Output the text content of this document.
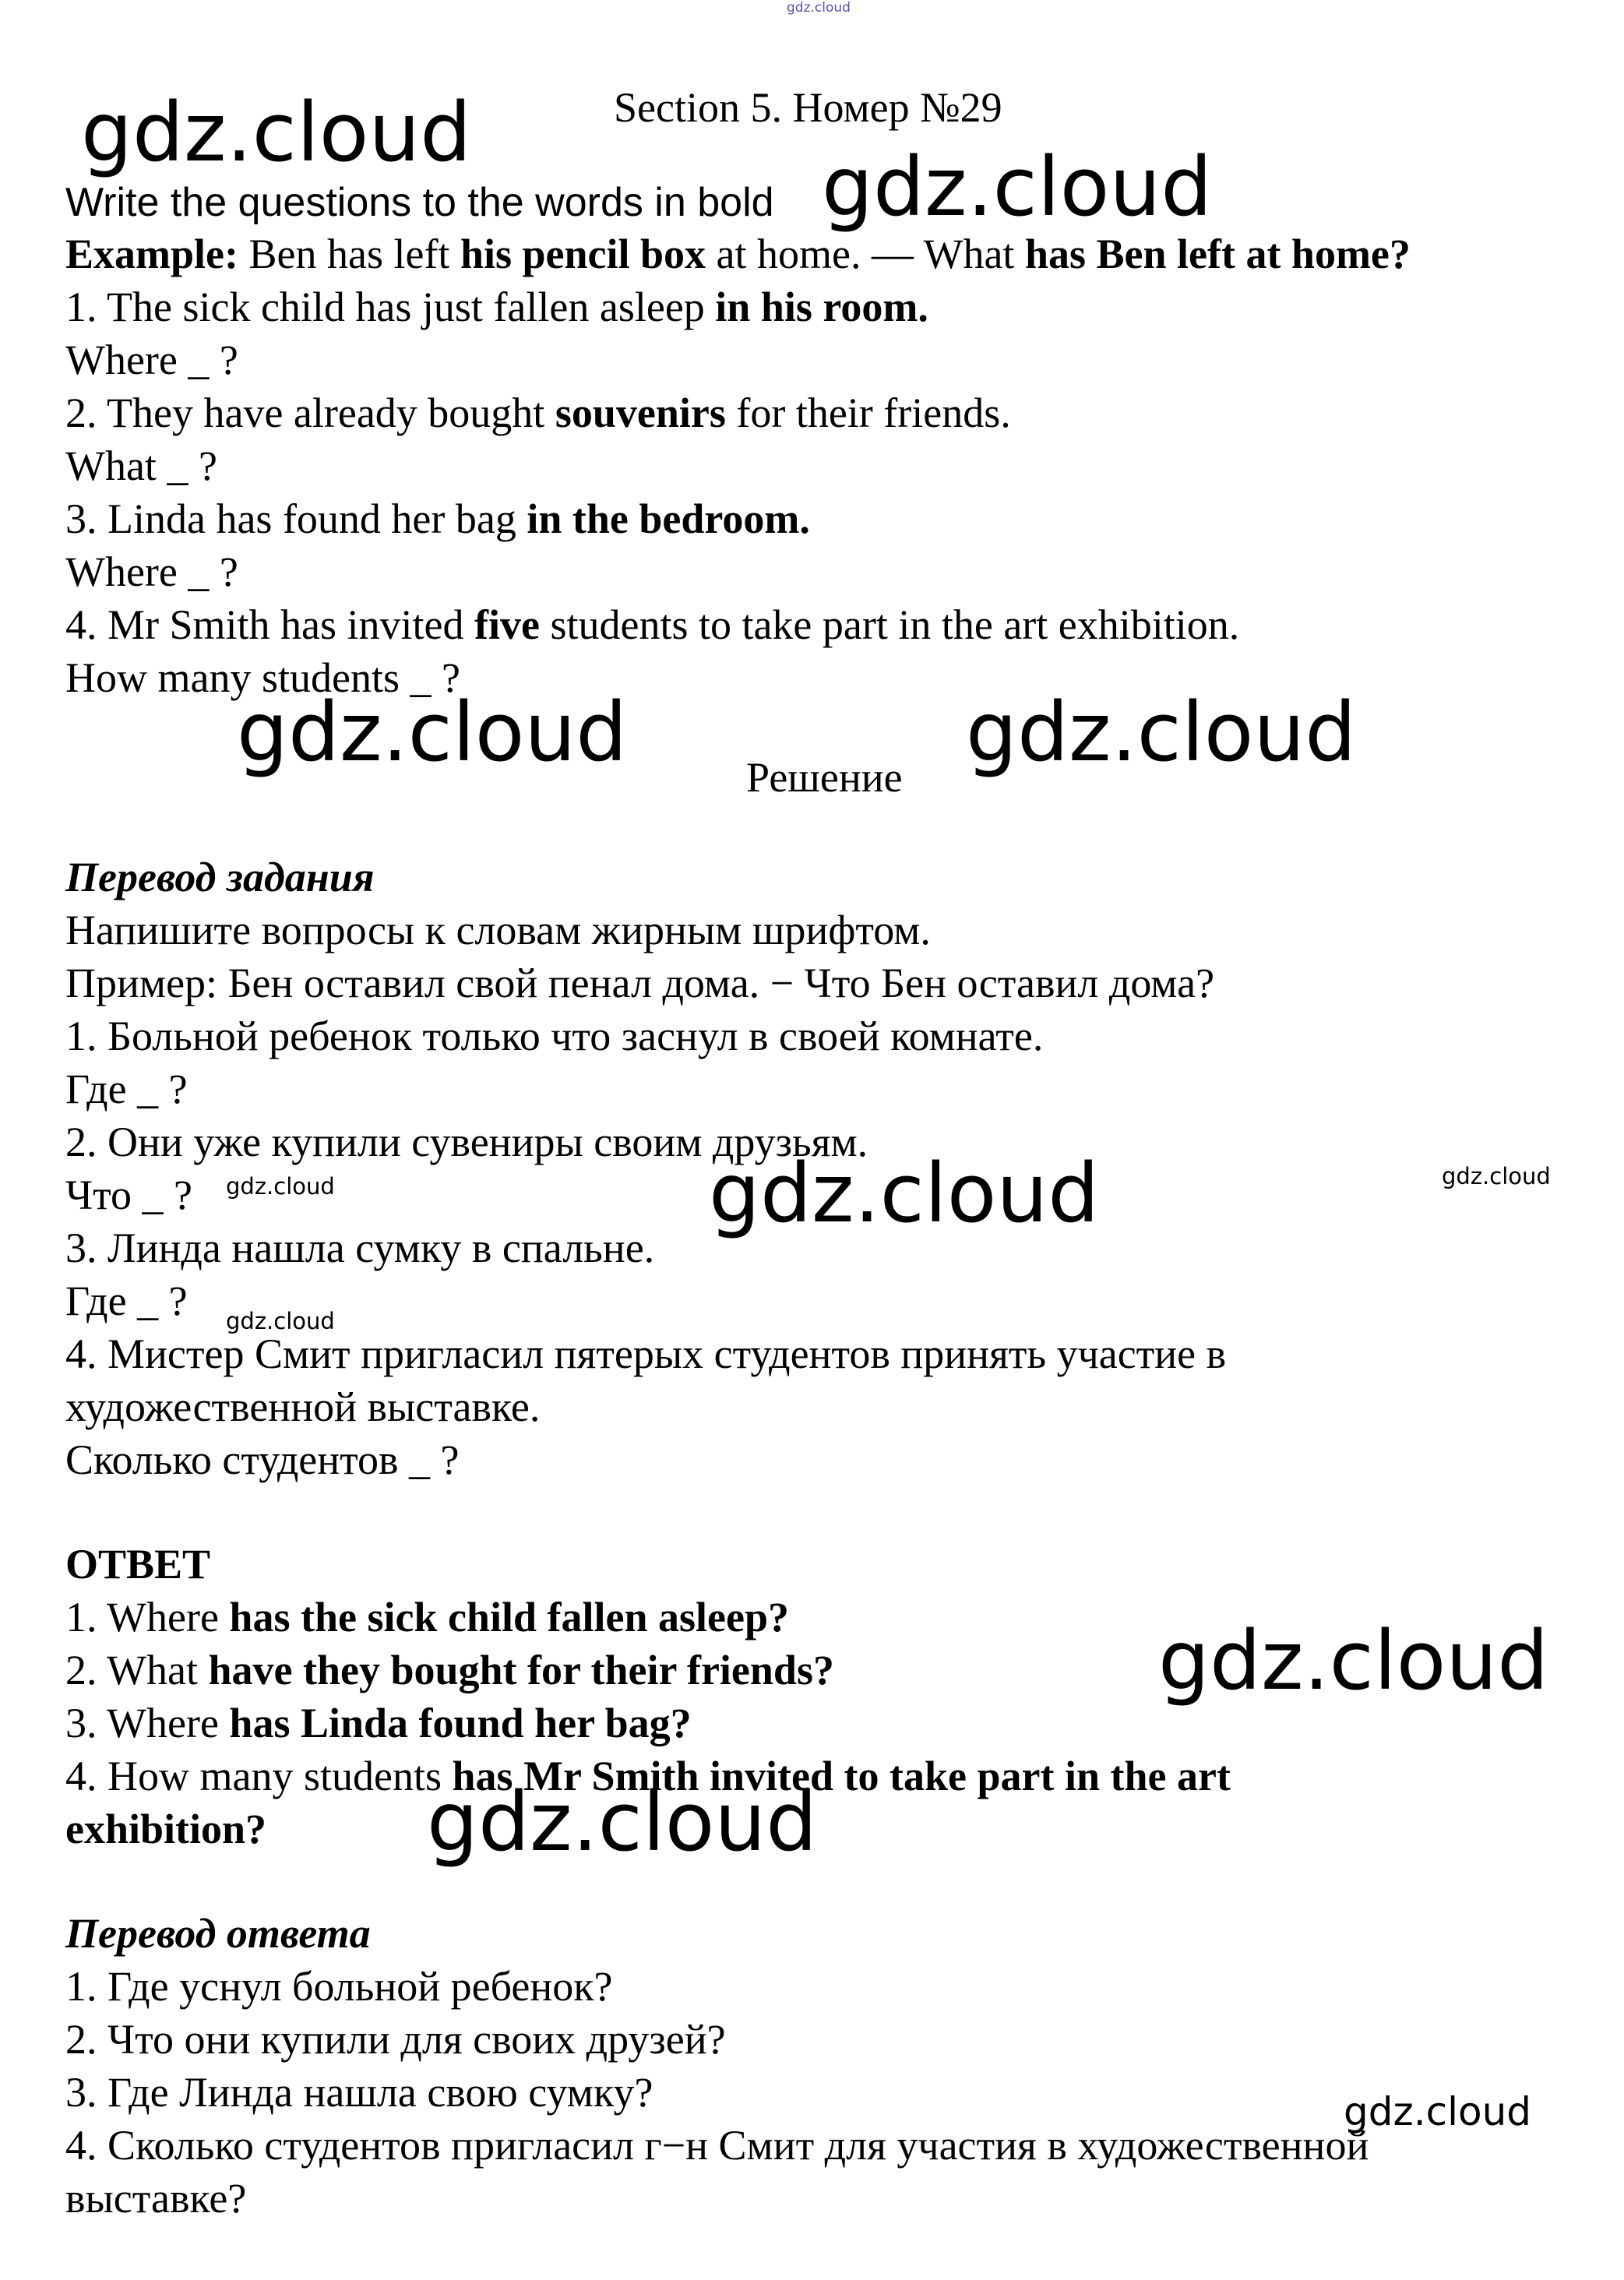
gdz.cloud
Section 5. Номер №29
Write the questions to the words in bold
Example: Ben has left his pencil box at home. — What has Ben left at home?
1. The sick child has just fallen asleep in his room.
Where _ ?
2. They have already bought souvenirs for their friends.
What _ ?
3. Linda has found her bag in the bedroom.
Where _ ?
4. Mr Smith has invited five students to take part in the art exhibition.
How many students _ ?
Решение
Перевод задания
Напишите вопросы к словам жирным шрифтом.
Пример: Бен оставил свой пенал дома. − Что Бен оставил дома?
1. Больной ребенок только что заснул в своей комнате.
Где _ ?
2. Они уже купили сувениры своим друзьям.
Что _ ?
3. Линда нашла сумку в спальне.
Где _ ?
4. Мистер Смит пригласил пятерых студентов принять участие в
художественной выставке.
Сколько студентов _ ?
ОТВЕТ
1. Where has the sick child fallen asleep?
2. What have they bought for their friends?
3. Where has Linda found her bag?
4. How many students has Mr Smith invited to take part in the art
exhibition?
Перевод ответа
1. Где уснул больной ребенок?
2. Что они купили для своих друзей?
3. Где Линда нашла свою сумку?
4. Сколько студентов пригласил г−н Смит для участия в художественной
выставке?
gdz.cloud
gdz.cloud
gdz.cloud	gdz.cloud
gdz.cloud
gdz.cloud
gdz.cloud
gdz.cloud	gdz.cloud
gdz.cloud
gdz.cloud
